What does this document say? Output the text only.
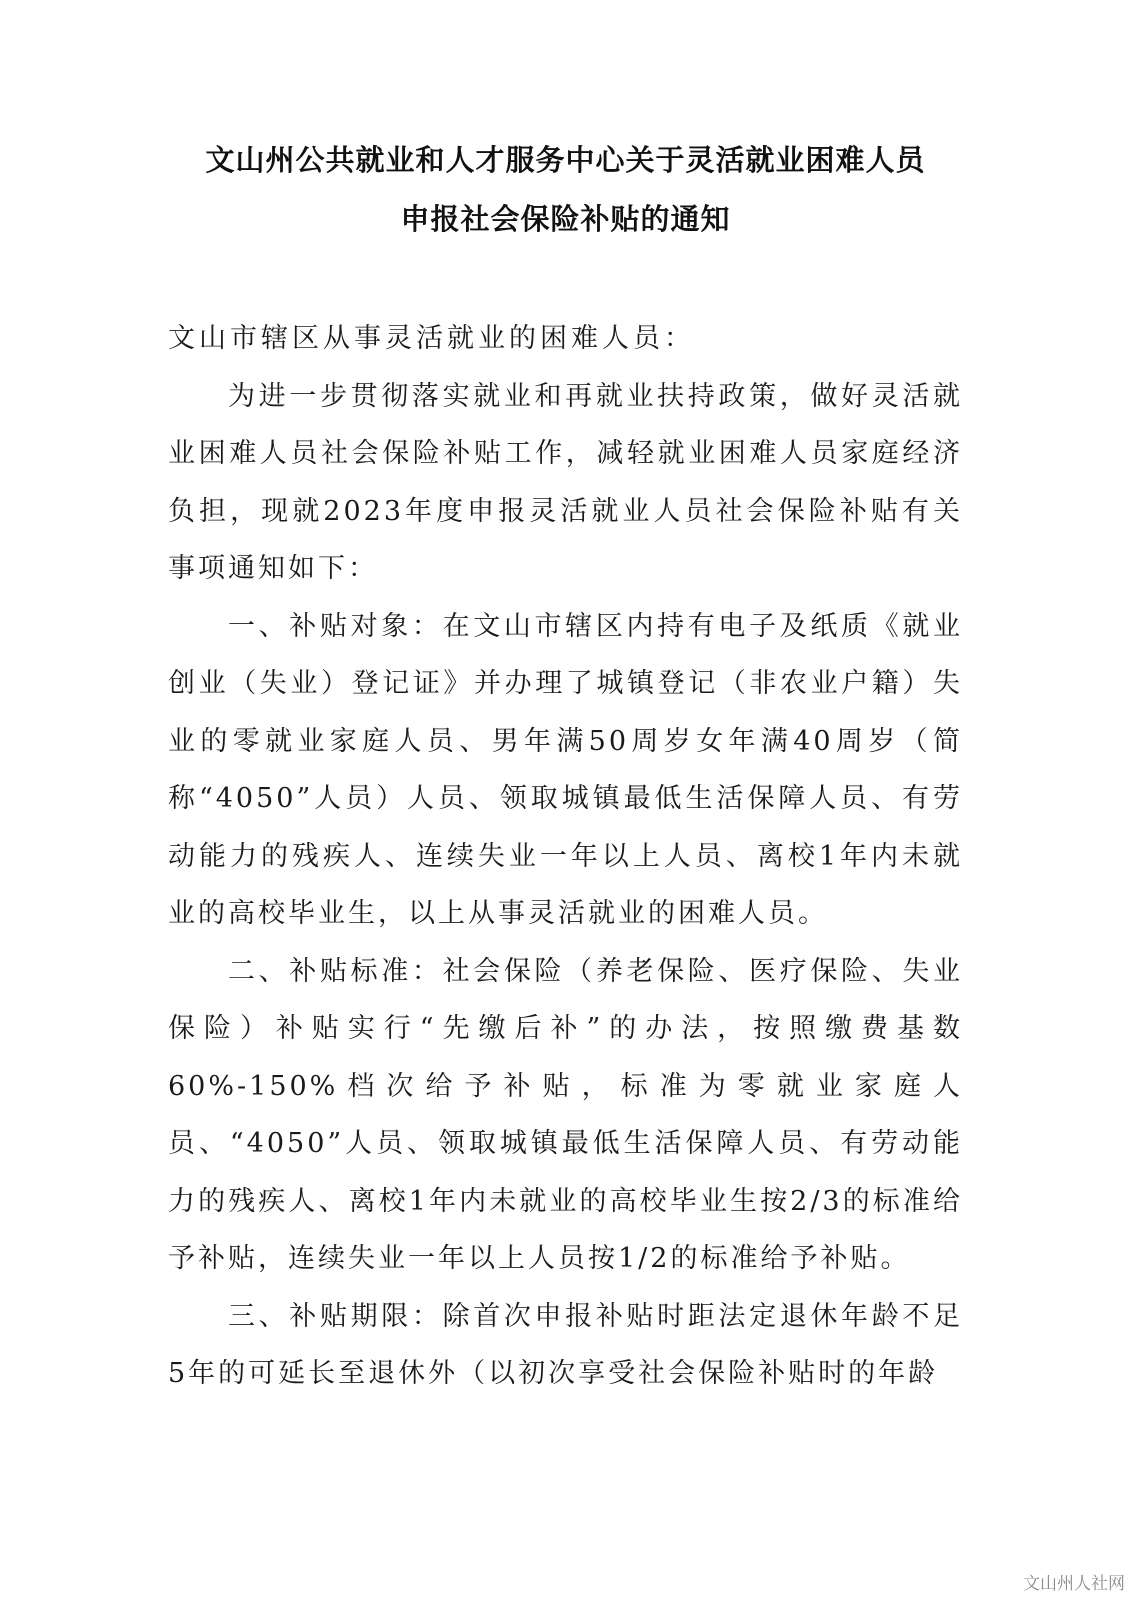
文山州公共就业和人才服务中心关于灵活就业困难人员
申报社会保险补贴的通知

文山市辖区从事灵活就业的困难人员：

为进一步贯彻落实就业和再就业扶持政策，做好灵活就业困难人员社会保险补贴工作，减轻就业困难人员家庭经济负担，现就2023年度申报灵活就业人员社会保险补贴有关事项通知如下：

一、补贴对象：在文山市辖区内持有电子及纸质《就业创业（失业）登记证》并办理了城镇登记（非农业户籍）失业的零就业家庭人员、男年满50周岁女年满40周岁（简称“4050”人员）人员、领取城镇最低生活保障人员、有劳动能力的残疾人、连续失业一年以上人员、离校1年内未就业的高校毕业生，以上从事灵活就业的困难人员。

二、补贴标准：社会保险（养老保险、医疗保险、失业保险）补贴实行“先缴后补”的办法，按照缴费基数60%-150%档次给予补贴，标准为零就业家庭人员、“4050”人员、领取城镇最低生活保障人员、有劳动能力的残疾人、离校1年内未就业的高校毕业生按2/3的标准给予补贴，连续失业一年以上人员按1/2的标准给予补贴。

三、补贴期限：除首次申报补贴时距法定退休年龄不足5年的可延长至退休外（以初次享受社会保险补贴时的年龄

文山州人社网
